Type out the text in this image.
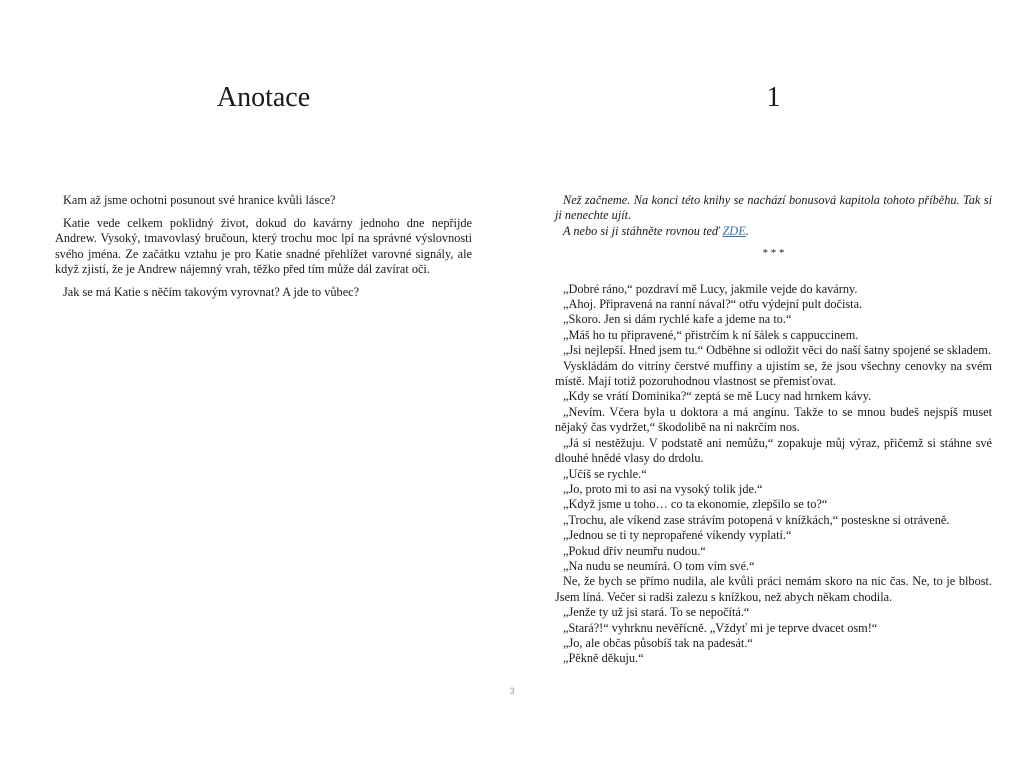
Anotace

Kam až jsme ochotni posunout své hranice kvůli lásce?

Katie vede celkem poklidný život, dokud do kavárny jednoho dne nepřijde Andrew. Vysoký, tmavovlasý bručoun, který trochu moc lpí na správné výslovnosti svého jména. Ze začátku vztahu je pro Katie snadné přehlížet varovné signály, ale když zjistí, že je Andrew nájemný vrah, těžko před tím může dál zavírat oči.

Jak se má Katie s něčím takovým vyrovnat? A jde to vůbec?

1

Než začneme. Na konci této knihy se nachází bonusová kapitola tohoto příběhu. Tak si ji nenechte ujít.

A nebo si ji stáhněte rovnou teď ZDE.

* * *

„Dobré ráno,“ pozdraví mě Lucy, jakmile vejde do kavárny.

„Ahoj. Připravená na ranní nával?“ otřu výdejní pult dočista.

„Skoro. Jen si dám rychlé kafe a jdeme na to.“

„Máš ho tu připravené,“ přistrčím k ní šálek s cappuccinem.

„Jsi nejlepší. Hned jsem tu.“ Odběhne si odložit věci do naší šatny spojené se skladem.

Vyskládám do vitríny čerstvé muffiny a ujistím se, že jsou všechny cenovky na svém místě. Mají totiž pozoruhodnou vlastnost se přemisťovat.

„Kdy se vrátí Dominika?“ zeptá se mě Lucy nad hrnkem kávy.

„Nevím. Včera byla u doktora a má angínu. Takže to se mnou budeš nejspíš muset nějaký čas vydržet,“ škodolibě na ni nakrčím nos.

„Já si nestěžuju. V podstatě ani nemůžu,“ zopakuje můj výraz, přičemž si stáhne své dlouhé hnědé vlasy do drdolu.

„Učíš se rychle.“

„Jo, proto mi to asi na vysoký tolik jde.“

„Když jsme u toho… co ta ekonomie, zlepšilo se to?“

„Trochu, ale víkend zase strávím potopená v knížkách,“ posteskne si otráveně.

„Jednou se ti ty nepropařené víkendy vyplatí.“

„Pokud dřív neumřu nudou.“

„Na nudu se neumírá. O tom vím své.“

Ne, že bych se přímo nudila, ale kvůli práci nemám skoro na nic čas. Ne, to je blbost. Jsem líná. Večer si radši zalezu s knížkou, než abych někam chodila.

„Jenže ty už jsi stará. To se nepočítá.“

„Stará?!“ vyhrknu nevěřícně. „Vždyť mi je teprve dvacet osm!“

„Jo, ale občas působíš tak na padesát.“

„Pěkně děkuju.“

3
